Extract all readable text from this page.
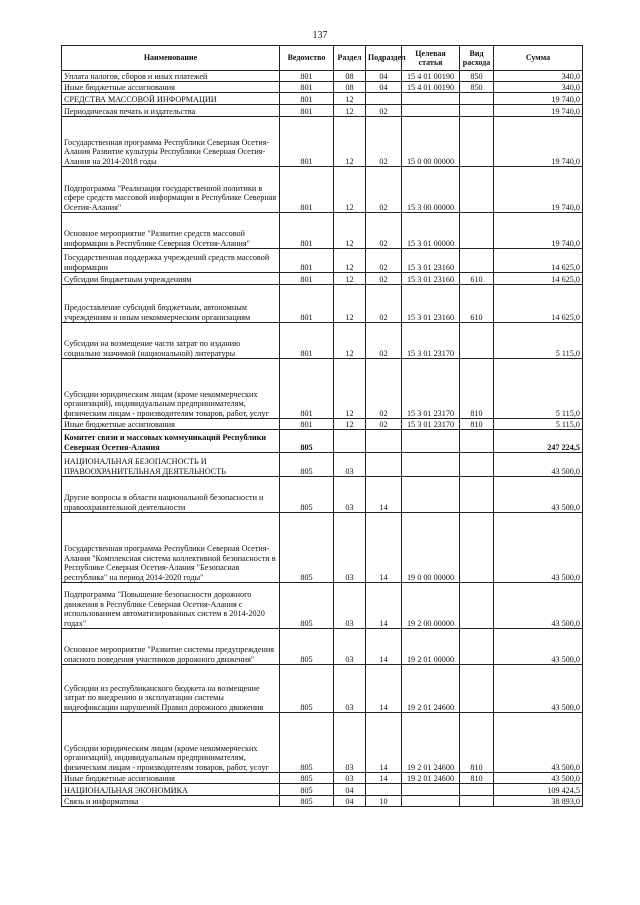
137
Наименование	Ведомство	Раздел	Подраздел	Целевая статья	Вид расхода	Сумма
Уплата налогов, сборов и иных платежей	801	08	04	15 4 01 00190	850	340,0
Иные бюджетные ассигнования	801	08	04	15 4 01 00190	850	340,0
СРЕДСТВА МАССОВОЙ ИНФОРМАЦИИ	801	12				19 740,0
Периодическая печать и издательства	801	12	02			19 740,0
Государственная программа Республики Северная Осетия-Алания Развитие культуры Республики Северная Осетия-Алания на 2014-2018 годы	801	12	02	15 0 00 00000		19 740,0
Подпрограмма "Реализация государственной политики в сфере средств массовой информации в Республике Северная Осетия-Алания"	801	12	02	15 3 00 00000		19 740,0
Основное мероприятие "Развитие средств массовой информации в Республике Северная Осетия-Алания"	801	12	02	15 3 01 00000		19 740,0
Государственная поддержка учреждений средств массовой информации	801	12	02	15 3 01 23160		14 625,0
Субсидии бюджетным учреждениям	801	12	02	15 3 01 23160	610	14 625,0
Предоставление субсидий бюджетным, автономным учреждениям и иным некоммерческим организациям	801	12	02	15 3 01 23160	610	14 625,0
Субсидии на возмещение части затрат по изданию социально значимой (национальной) литературы	801	12	02	15 3 01 23170		5 115,0
Субсидии юридическим лицам (кроме некоммерческих организаций), индивидуальным предпринимателям, физическим лицам - производителям товаров, работ, услуг	801	12	02	15 3 01 23170	810	5 115,0
Иные бюджетные ассигнования	801	12	02	15 3 01 23170	810	5 115,0
Комитет связи и массовых коммуникаций Республики Северная Осетия-Алания	805					247 224,5
НАЦИОНАЛЬНАЯ БЕЗОПАСНОСТЬ И ПРАВООХРАНИТЕЛЬНАЯ ДЕЯТЕЛЬНОСТЬ	805	03				43 500,0
Другие вопросы в области национальной безопасности и правоохранительной деятельности	805	03	14			43 500,0
Государственная программа Республики Северная Осетия-Алания "Комплексная система коллективной безопасности в Республике Северная Осетия-Алания "Безопасная республика" на период 2014-2020 годы"	805	03	14	19 0 00 00000		43 500,0
Подпрограмма "Повышение безопасности дорожного движения в Республике Северная Осетия-Алания с использованием автоматизированных систем в 2014-2020 годах"	805	03	14	19 2 00 00000		43 500,0
Основное мероприятие "Развитие системы предупреждения опасного поведения участников дорожного движения"	805	03	14	19 2 01 00000		43 500,0
Субсидии из республиканского бюджета на возмещение затрат по внедрению и эксплуатации системы видеофиксации нарушений Правил дорожного движения	805	03	14	19 2 01 24600		43 500,0
Субсидии юридическим лицам (кроме некоммерческих организаций), индивидуальным предпринимателям, физическим лицам - производителям товаров, работ, услуг	805	03	14	19 2 01 24600	810	43 500,0
Иные бюджетные ассигнования	805	03	14	19 2 01 24600	810	43 500,0
НАЦИОНАЛЬНАЯ ЭКОНОМИКА	805	04				109 424,5
Связь и информатика	805	04	10			38 893,0
